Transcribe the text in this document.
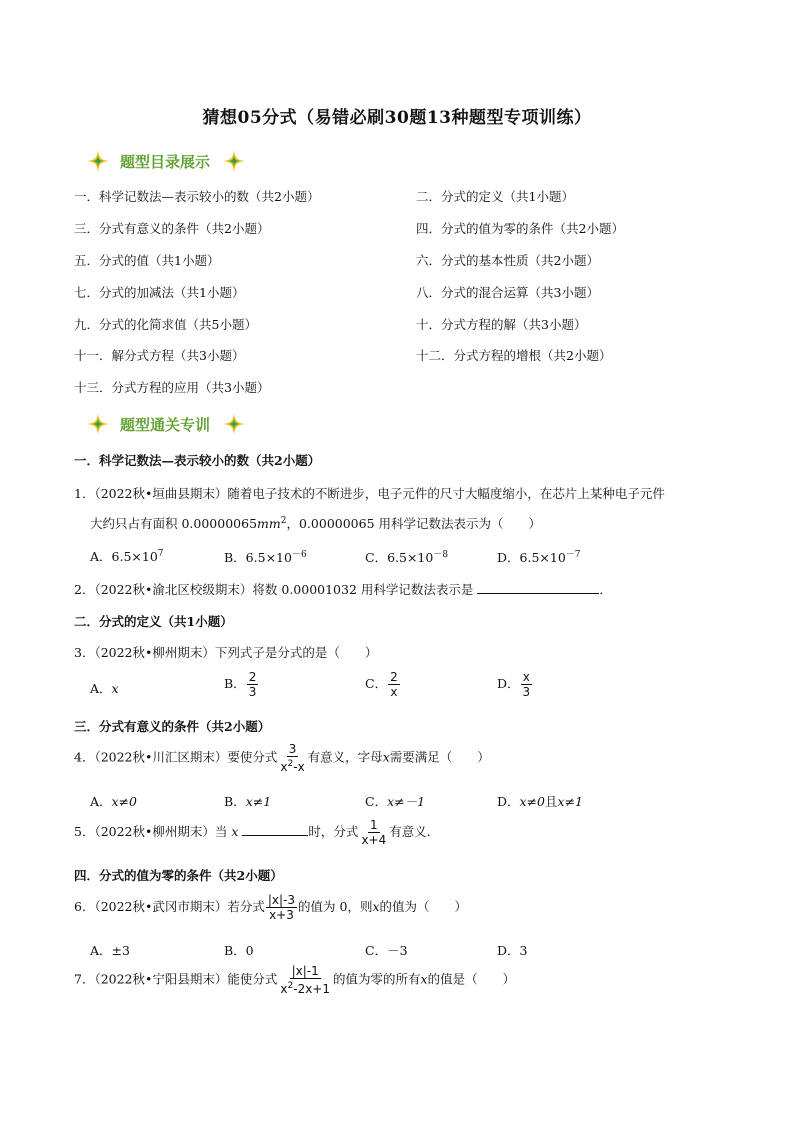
猜想05分式（易错必刷30题13种题型专项训练）
题型目录展示
一．科学记数法—表示较小的数（共2小题）	二．分式的定义（共1小题）
三．分式有意义的条件（共2小题）	四．分式的值为零的条件（共2小题）
五．分式的值（共1小题）	六．分式的基本性质（共2小题）
七．分式的加减法（共1小题）	八．分式的混合运算（共3小题）
九．分式的化简求值（共5小题）	十．分式方程的解（共3小题）
十一．解分式方程（共3小题）	十二．分式方程的增根（共2小题）
十三．分式方程的应用（共3小题）
题型通关专训
一．科学记数法—表示较小的数（共2小题）
1．（2022秋•垣曲县期末）随着电子技术的不断进步，电子元件的尺寸大幅度缩小，在芯片上某种电子元件
大约只占有面积 $0.00000065mm^2$，0.00000065 用科学记数法表示为（　　）
A．$6.5\times 10^7$	B．$6.5\times 10^{-6}$	C．$6.5\times 10^{-8}$	D．$6.5\times 10^{-7}$
2．（2022秋•渝北区校级期末）将数 0.00001032 用科学记数法表示是	．
二．分式的定义（共1小题）
3．（2022秋•柳州期末）下列式子是分式的是（　　）
A．x	B． $\frac{2}{3}$	C． $\frac{2}{x}$	D． $\frac{x}{3}$
三．分式有意义的条件（共2小题）
4．（2022秋•川汇区期末）要使分式 $\frac{3}{x^2-x}$ 有意义，字母x需要满足（　　）
A．x≠0	B．x≠1	C．x≠－1	D．x≠0且x≠1
5．（2022秋•柳州期末）当 x	时，分式 $\frac{1}{x+4}$ 有意义．
四．分式的值为零的条件（共2小题）
6．（2022秋•武冈市期末）若分式 $\frac{|x|-3}{x+3}$ 的值为 0，则x的值为（　　）
A．±3	B．0	C．－3	D．3
7．（2022秋•宁阳县期末）能使分式 $\frac{|x|-1}{x^2-2x+1}$ 的值为零的所有x的值是（　　）
